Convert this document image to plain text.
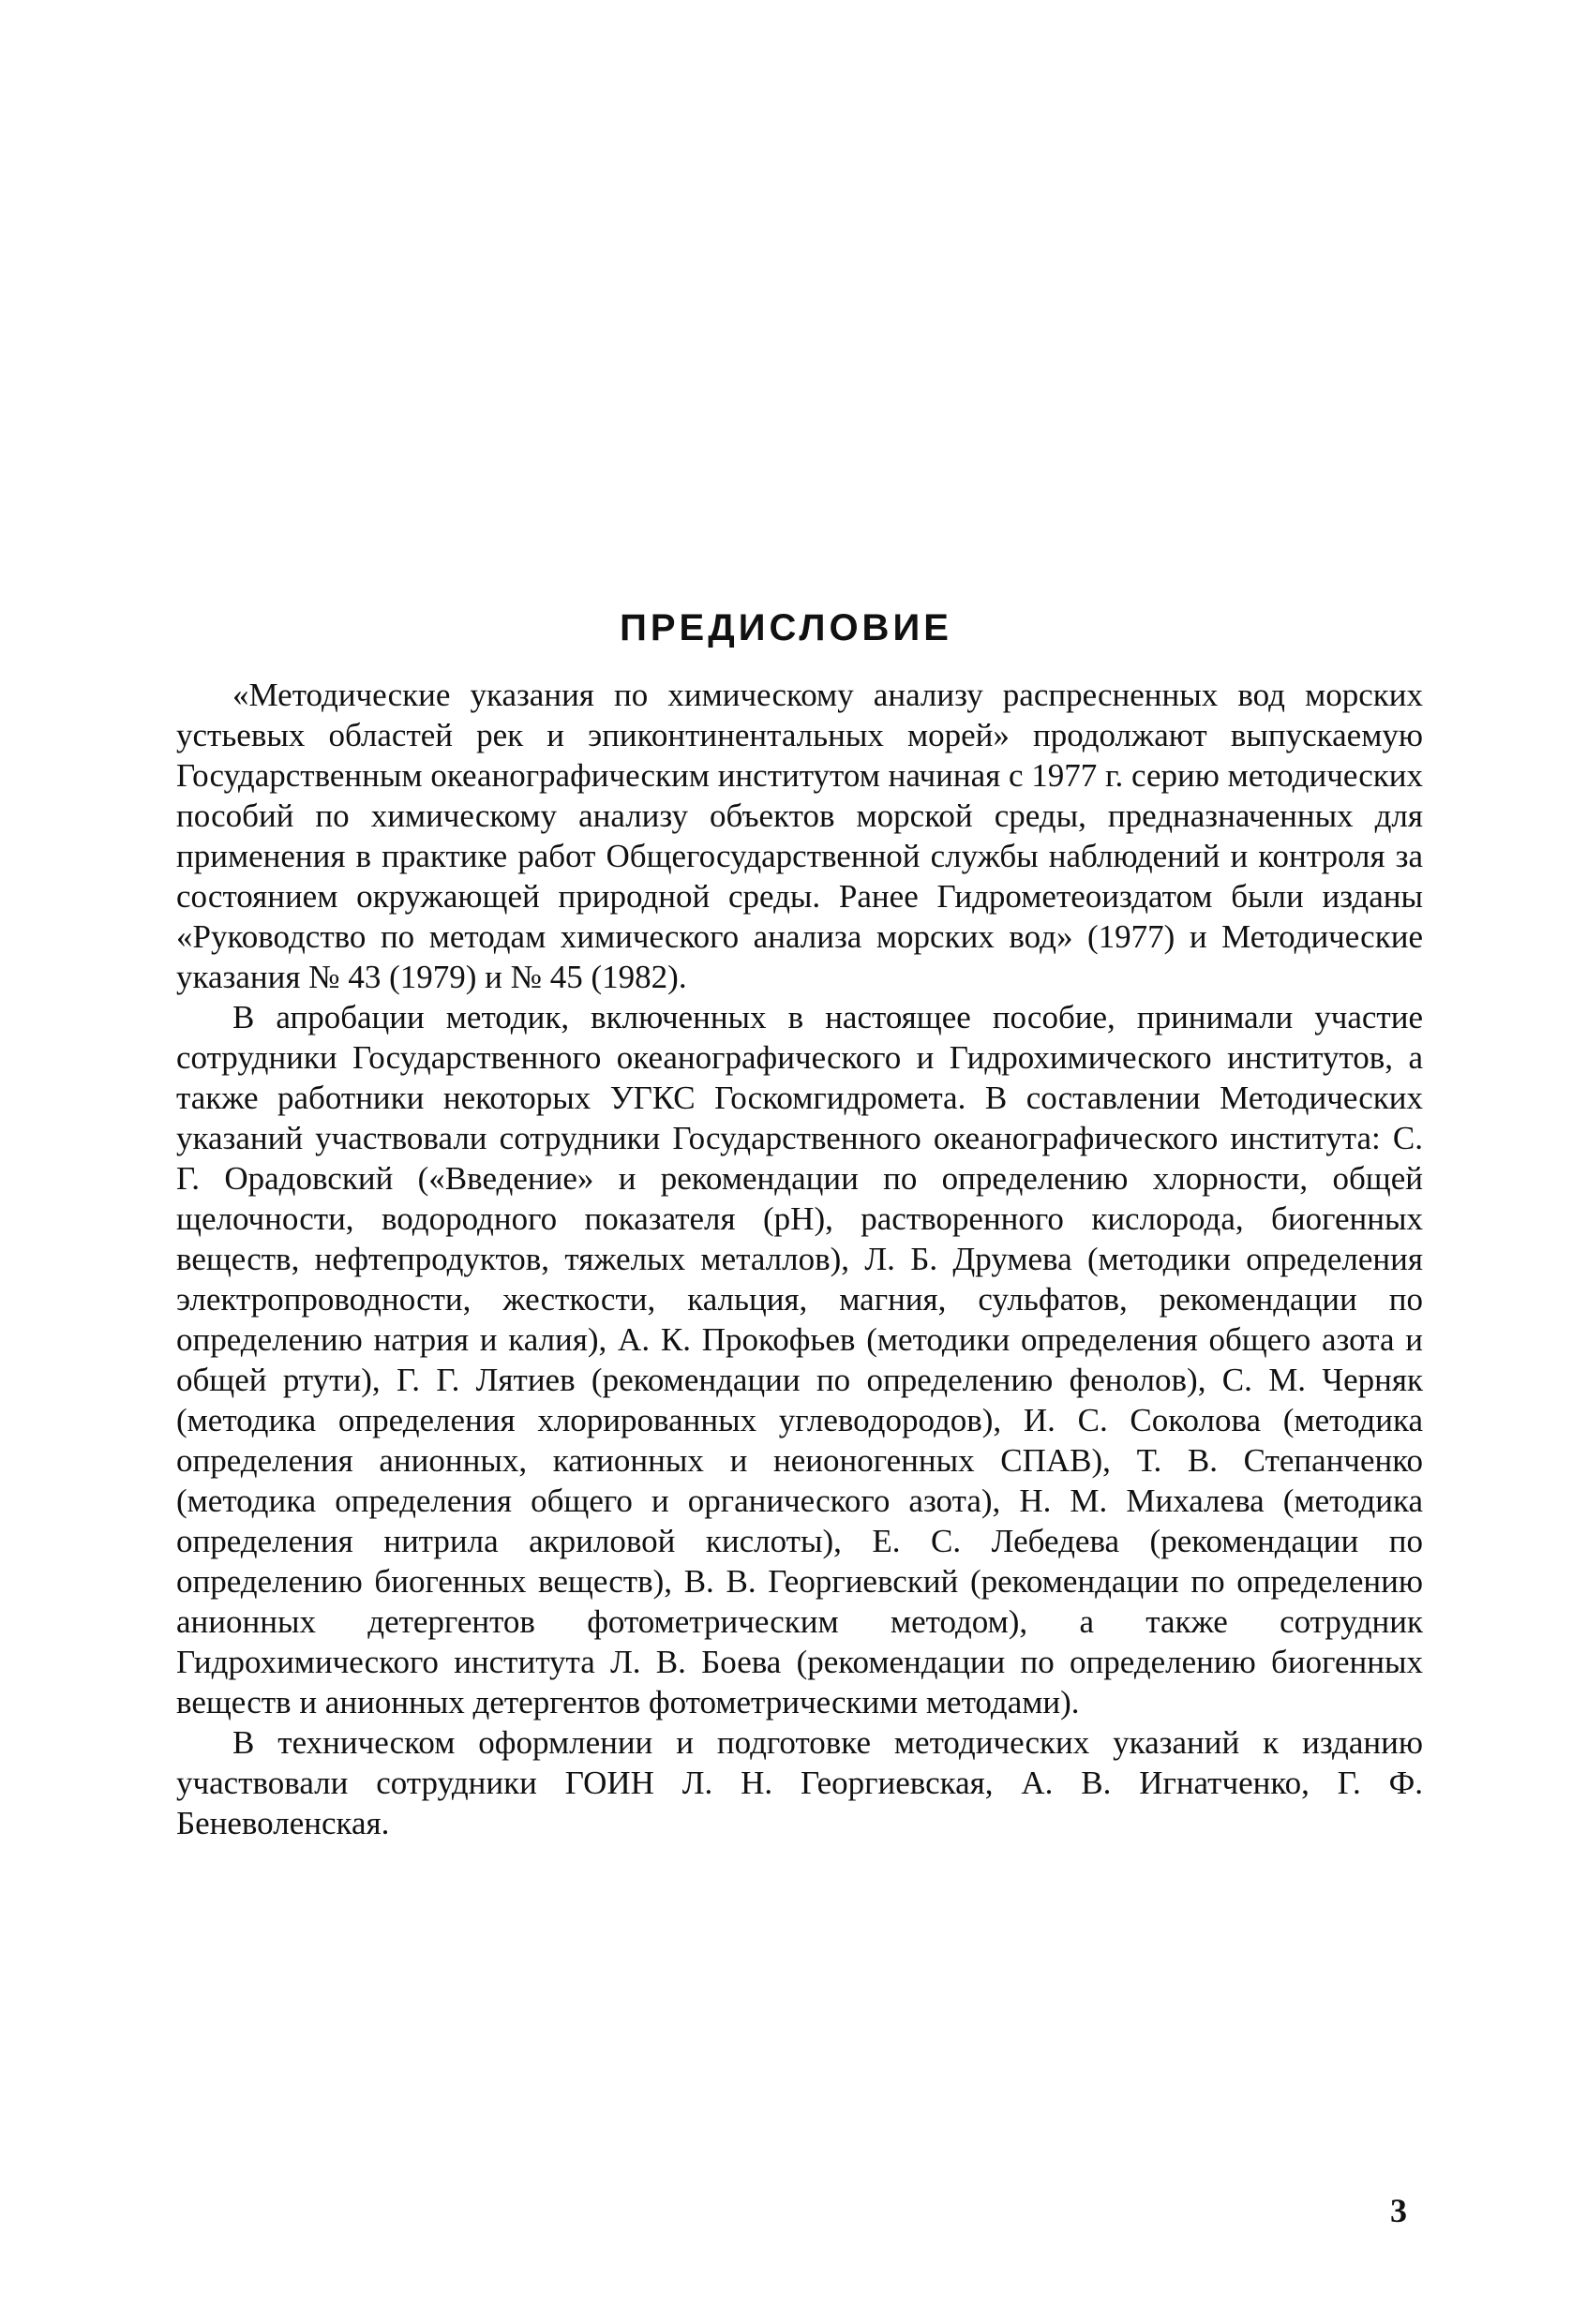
ПРЕДИСЛОВИЕ

«Методические указания по химическому анализу распресненных вод морских устьевых областей рек и эпиконтинентальных морей» продолжают выпускаемую Государственным океанографическим институтом начиная с 1977 г. серию методических пособий по химическому анализу объектов морской среды, предназначенных для применения в практике работ Общегосударственной службы наблюдений и контроля за состоянием окружающей природной среды. Ранее Гидрометеоиздатом были изданы «Руководство по методам химического анализа морских вод» (1977) и Методические указания № 43 (1979) и № 45 (1982).

В апробации методик, включенных в настоящее пособие, принимали участие сотрудники Государственного океанографического и Гидрохимического институтов, а также работники некоторых УГКС Госкомгидромета. В составлении Методических указаний участвовали сотрудники Государственного океанографического института: С. Г. Орадовский («Введение» и рекомендации по определению хлорности, общей щелочности, водородного показателя (pH), растворенного кислорода, биогенных веществ, нефтепродуктов, тяжелых металлов), Л. Б. Друмева (методики определения электропроводности, жесткости, кальция, магния, сульфатов, рекомендации по определению натрия и калия), А. К. Прокофьев (методики определения общего азота и общей ртути), Г. Г. Лятиев (рекомендации по определению фенолов), С. М. Черняк (методика определения хлорированных углеводородов), И. С. Соколова (методика определения анионных, катионных и неионогенных СПАВ), Т. В. Степанченко (методика определения общего и органического азота), Н. М. Михалева (методика определения нитрила акриловой кислоты), Е. С. Лебедева (рекомендации по определению биогенных веществ), В. В. Георгиевский (рекомендации по определению анионных детергентов фотометрическим методом), а также сотрудник Гидрохимического института Л. В. Боева (рекомендации по определению биогенных веществ и анионных детергентов фотометрическими методами).

В техническом оформлении и подготовке методических указаний к изданию участвовали сотрудники ГОИН Л. Н. Георгиевская, А. В. Игнатченко, Г. Ф. Беневоленская.

3
